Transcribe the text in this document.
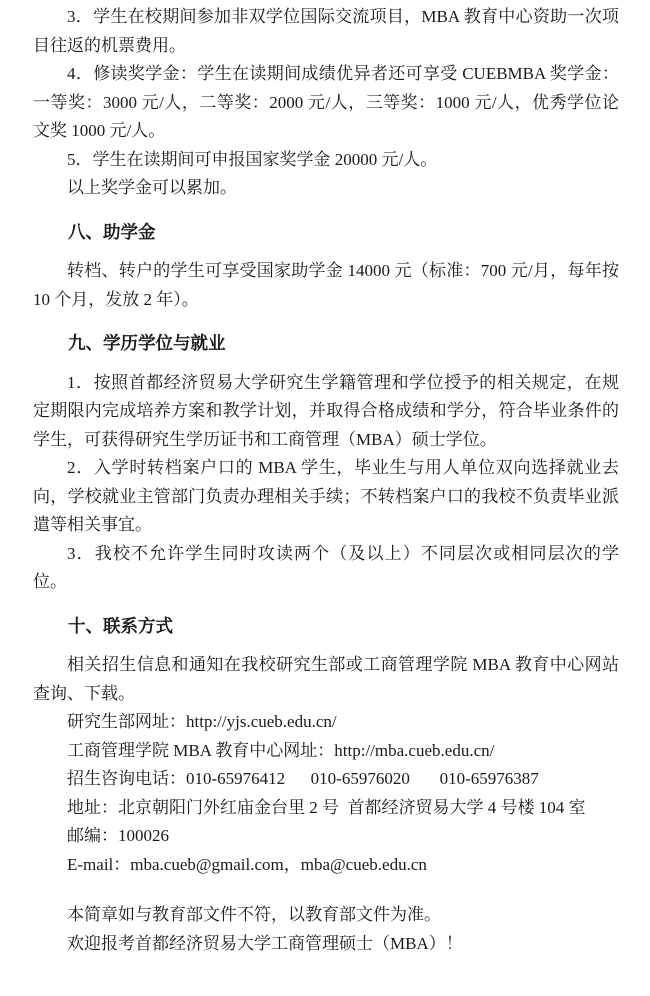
3．学生在校期间参加非双学位国际交流项目，MBA 教育中心资助一次项目往返的机票费用。

4．修读奖学金：学生在读期间成绩优异者还可享受 CUEBMBA 奖学金：一等奖：3000 元/人，二等奖：2000 元/人，三等奖：1000 元/人，优秀学位论文奖 1000 元/人。

5．学生在读期间可申报国家奖学金 20000 元/人。

以上奖学金可以累加。

八、助学金

转档、转户的学生可享受国家助学金 14000 元（标准：700 元/月，每年按 10 个月，发放 2 年）。

九、学历学位与就业

1．按照首都经济贸易大学研究生学籍管理和学位授予的相关规定，在规定期限内完成培养方案和教学计划，并取得合格成绩和学分，符合毕业条件的学生，可获得研究生学历证书和工商管理（MBA）硕士学位。

2．入学时转档案户口的 MBA 学生，毕业生与用人单位双向选择就业去向，学校就业主管部门负责办理相关手续；不转档案户口的我校不负责毕业派遣等相关事宜。

3．我校不允许学生同时攻读两个（及以上）不同层次或相同层次的学位。

十、联系方式

相关招生信息和通知在我校研究生部或工商管理学院 MBA 教育中心网站查询、下载。

研究生部网址：http://yjs.cueb.edu.cn/

工商管理学院 MBA 教育中心网址：http://mba.cueb.edu.cn/

招生咨询电话：010-65976412      010-65976020       010-65976387

地址：北京朝阳门外红庙金台里 2 号  首都经济贸易大学 4 号楼 104 室

邮编：100026

E-mail：mba.cueb@gmail.com，mba@cueb.edu.cn

本简章如与教育部文件不符，以教育部文件为准。

欢迎报考首都经济贸易大学工商管理硕士（MBA）！
